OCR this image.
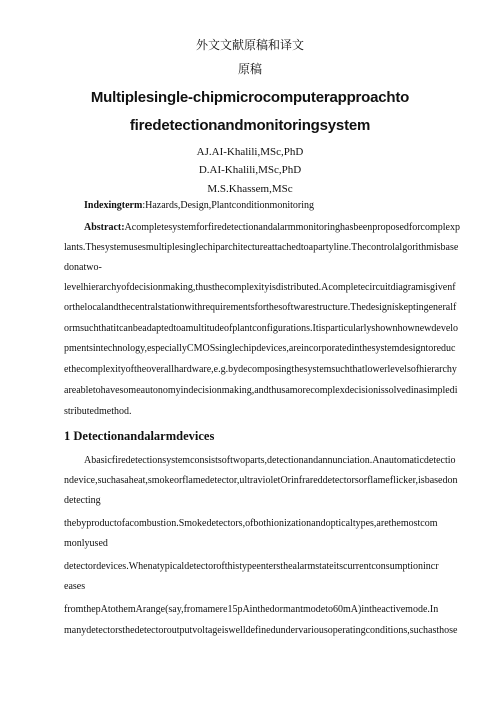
外文文献原稿和译文
原稿
Multiplesingle-chipmicrocomputerapproachto
firedetectionandmonitoringsystem
AJ.AI-Khalili,MSc,PhD
D.AI-Khalili,MSc,PhD
M.S.Khassem,MSc
Indexingterm:Hazards,Design,Plantconditionmonitoring
Abstract:Acompletesystemforfiredetectionandalarmmonitoringhasbeenproposedforcomplexp
lants.Thesystemusesmultiplesinglechiparchitectureattachedtoapartyline.Thecontrolalgorithmisbase
donatwo-
levelhierarchyofdecisionmaking,thusthecomplexityisdistributed.Acompletecircuitdiagramisgivenf
orthelocalandthecentralstationwithrequirementsforthesoftwarestructure.Thedesignískeptingeneralf
ormsuchthatitcanbeadaptedtoamultitudeofplantconfigurations.Itisparticularlyshownhownewdevelo
pmentsintechnology,especiallyCMOSsinglechipdevices,areincorporatedinthesystemdesigntoreduc
ethecomplexityoftheoverallhardware,e.g.bydecomposingthesystemsuchthatlowerlevelsofhierarchy
areabletohavesomeautonomyindecisionmaking,andthusamorecomplexdecisionissolvedinasimpledi
stributedmethod.
1 Detectionandalarmdevices
Abasicfiredetectionsystemconsistsoftwoparts,detectionandannunciation.Anautomaticdetectio
ndevice,suchasaheat,smokeorflamedetector,ultravioletOrinfrareddetectorsorflameflicker,isbasedon
detecting
thebyproductofacombustion.Smokedetectors,ofbothionizationandopticaltypes,arethemostcom
monlyused
detectordevices.Whenatypicaldetectorofthistypeentersthealarmstateitscurrentconsumptionincr
eases
fromthepAtothemArange(say,fromamere15pAinthedormantmodeto60mA)intheactivemode.In
manydetectorsthedetectoroutputvoltageiswelldefinedundervariousoperatingconditions,suchasthose
